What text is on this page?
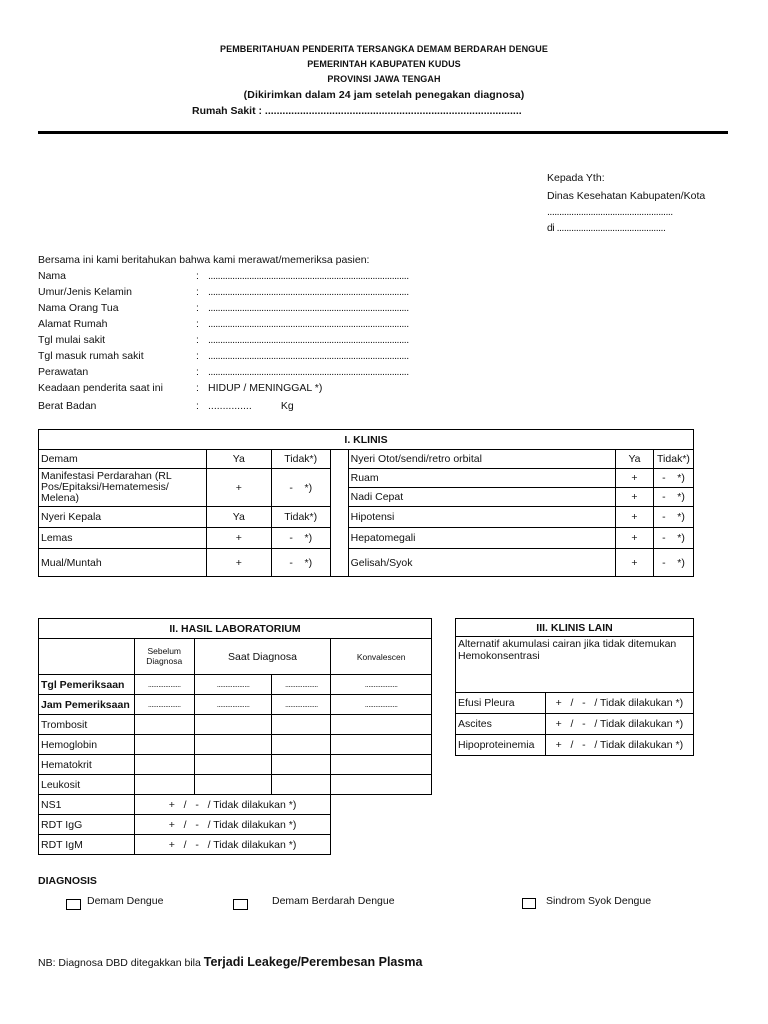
PEMBERITAHUAN PENDERITA TERSANGKA DEMAM BERDARAH DENGUE
PEMERINTAH KABUPATEN KUDUS
PROVINSI JAWA TENGAH
(Dikirimkan dalam 24 jam setelah penegakan diagnosa)
Rumah Sakit : ........................................................................................
Kepada Yth:
Dinas Kesehatan Kabupaten/Kota
....................................................
di .............................................
Bersama ini kami beritahukan bahwa kami merawat/memeriksa pasien:
Nama	: ...................................................................................
Umur/Jenis Kelamin	: ...................................................................................
Nama Orang Tua	: ...................................................................................
Alamat Rumah	: ...................................................................................
Tgl mulai sakit	: ...................................................................................
Tgl masuk rumah sakit	: ...................................................................................
Perawatan	: ...................................................................................
Keadaan penderita saat ini	: HIDUP / MENINGGAL *)
Berat Badan	: ...............          Kg
I. KLINIS						
Demam	Ya	Tidak*)		Nyeri Otot/sendi/retro orbital	Ya	Tidak*)
Manifestasi Perdarahan (RL Pos/Epitaksi/Hematemesis/ Melena)	+	-    *)		Ruam	+	-    *)
				Nadi Cepat	+	-    *)
Nyeri Kepala	Ya	Tidak*)		Hipotensi	+	-    *)
Lemas	+	-    *)		Hepatomegali	+	-    *)
Mual/Muntah	+	-    *)		Gelisah/Syok	+	-    *)
II. HASIL LABORATORIUM				
	Sebelum Diagnosa	Saat Diagnosa		Konvalescen
Tgl Pemeriksaan	...................	...................	...................	...................
Jam Pemeriksaan	...................	...................	...................	...................
Trombosit				
Hemoglobin				
Hematokrit				
Leukosit				
NS1	+   /   -   / Tidak dilakukan *)			
RDT IgG	+   /   -   / Tidak dilakukan *)			
RDT IgM	+   /   -   / Tidak dilakukan *)			
III. KLINIS LAIN	
Alternatif akumulasi cairan jika tidak ditemukan Hemokonsentrasi	
Efusi Pleura	+   /   -   / Tidak dilakukan *)
Ascites	+   /   -   / Tidak dilakukan *)
Hipoproteinemia	+   /   -   / Tidak dilakukan *)
DIAGNOSIS
Demam Dengue	Demam Berdarah Dengue	Sindrom Syok Dengue
NB: Diagnosa DBD ditegakkan bila Terjadi Leakege/Perembesan Plasma
